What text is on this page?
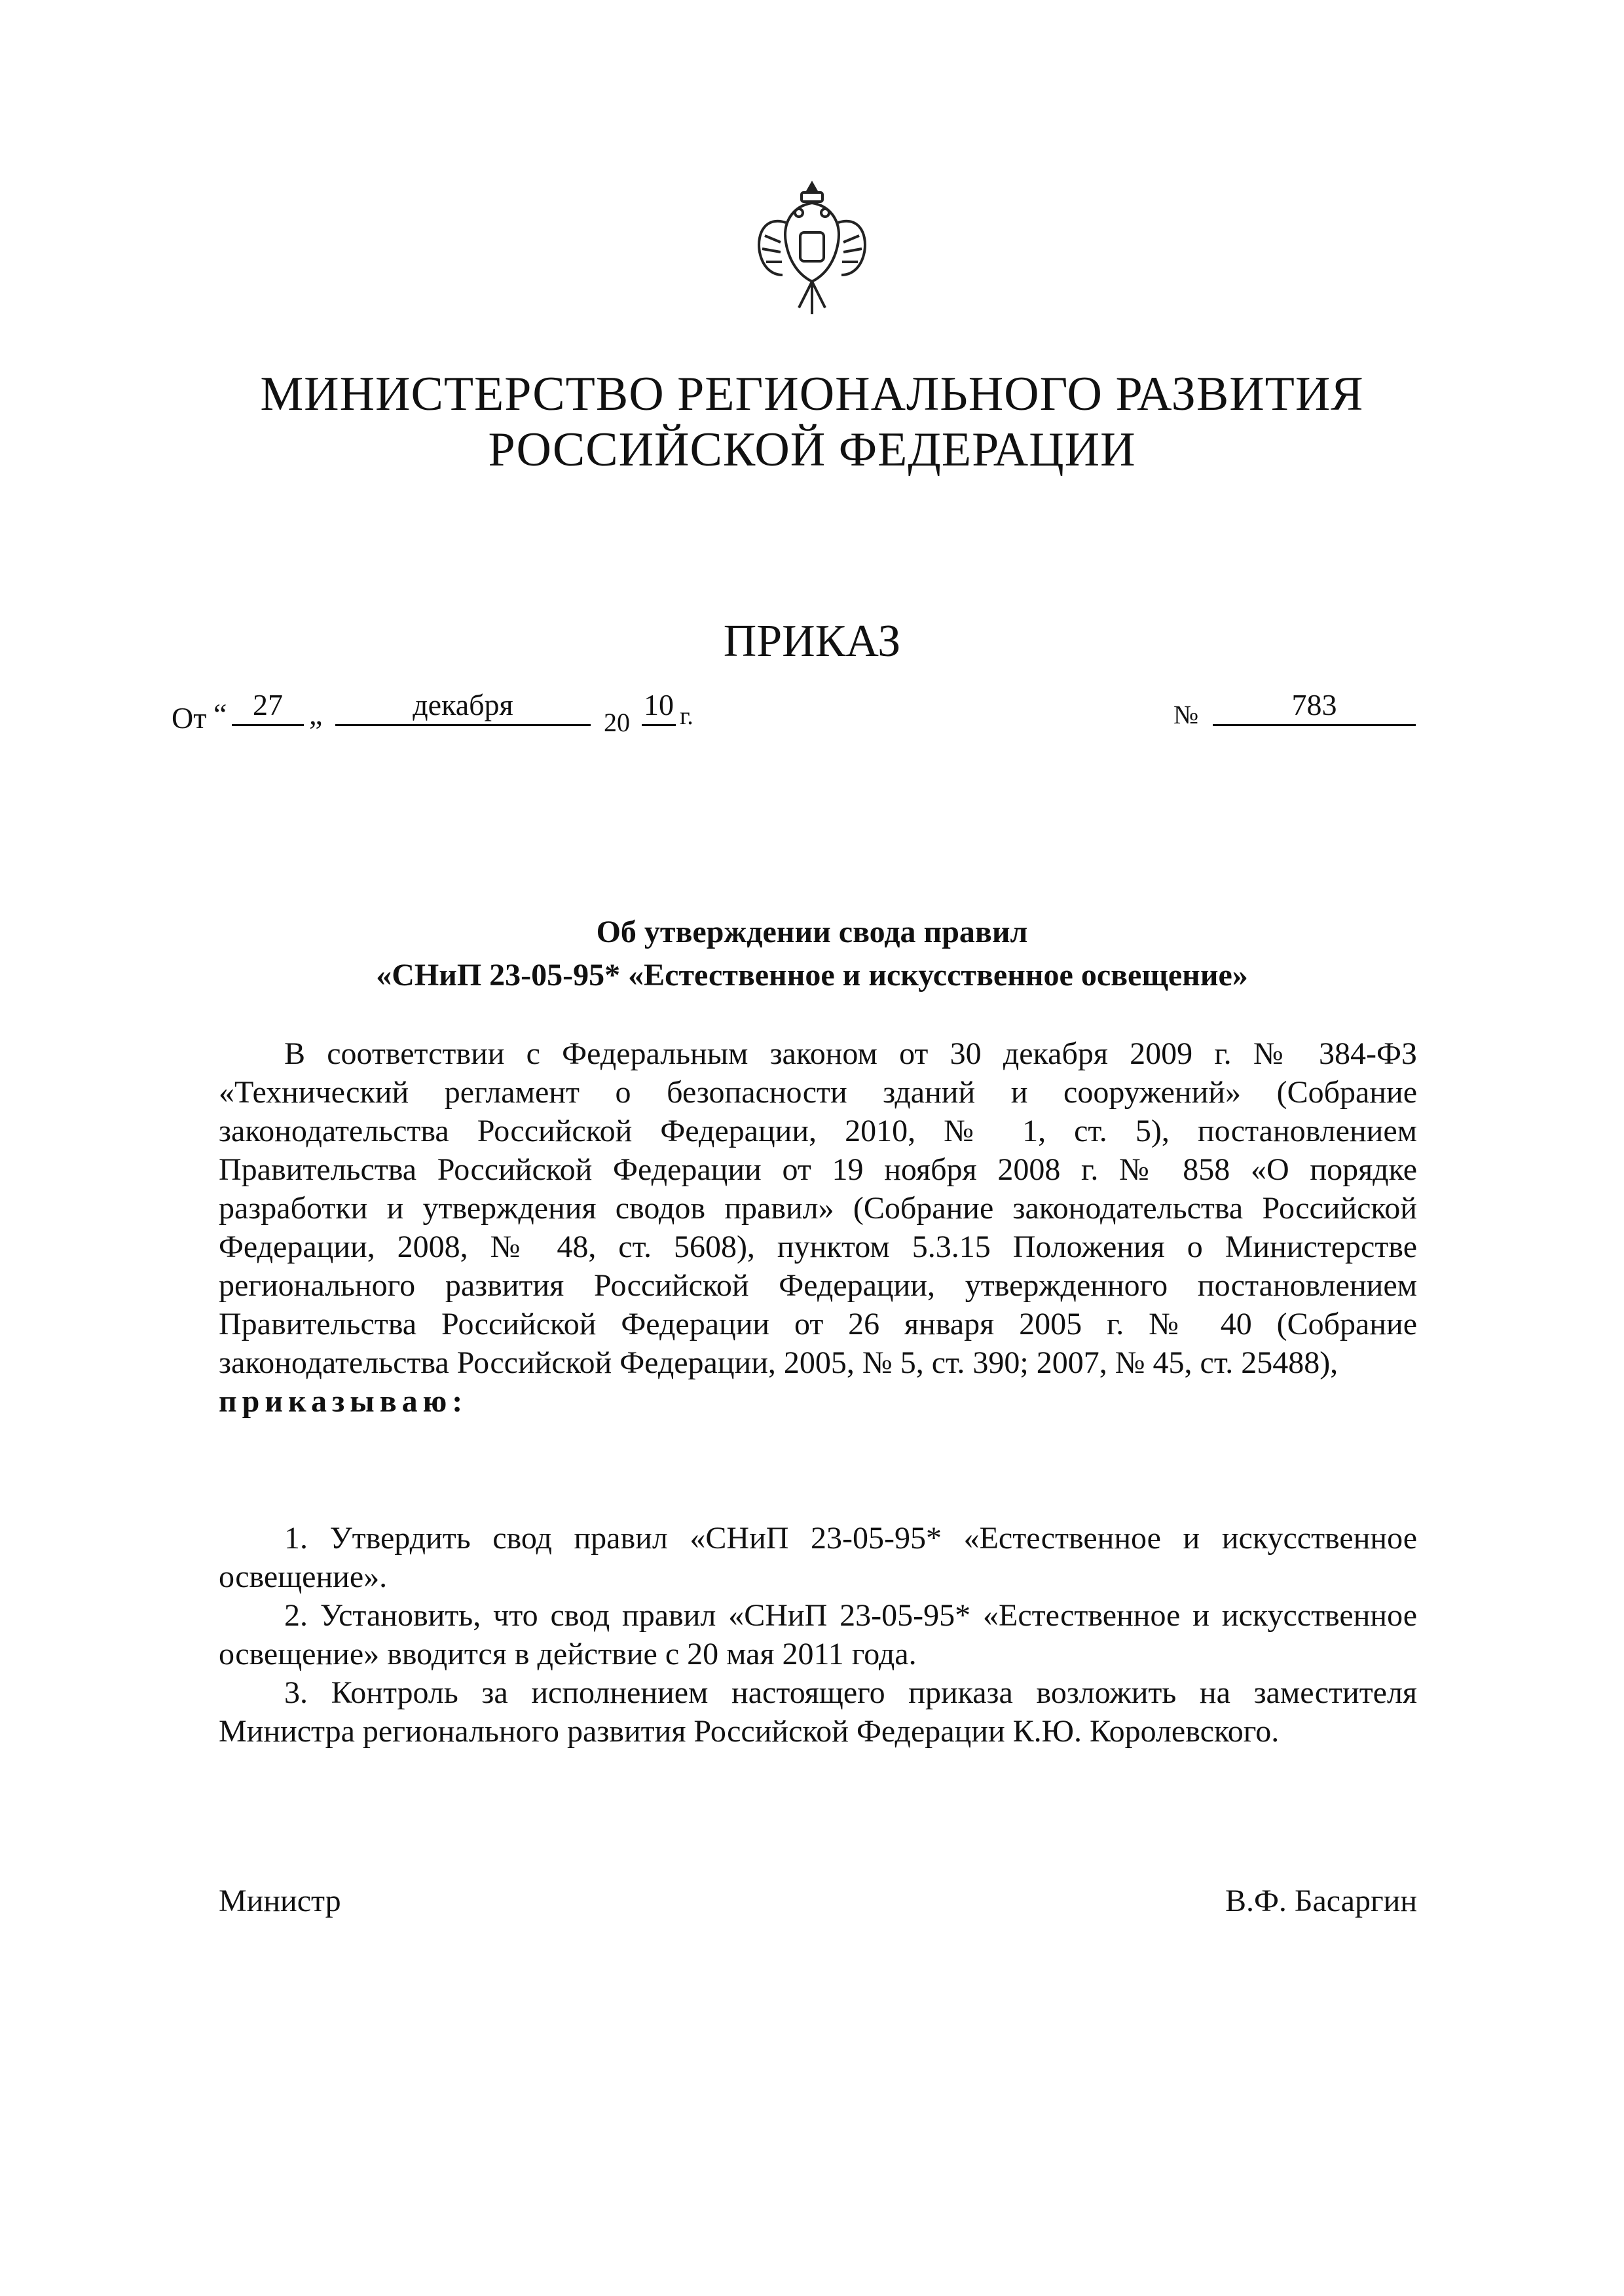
МИНИСТЕРСТВО РЕГИОНАЛЬНОГО РАЗВИТИЯ
РОССИЙСКОЙ ФЕДЕРАЦИИ
ПРИКАЗ
От “ 27 „	декабря
20
10 г.	№	783
Об утверждении свода правил
«СНиП 23-05-95* «Естественное и искусственное освещение»

В соответствии с Федеральным законом от 30 декабря 2009 г. № 384-ФЗ «Технический регламент о безопасности зданий и сооружений» (Собрание законодательства Российской Федерации, 2010, № 1, ст. 5), постановлением Правительства Российской Федерации от 19 ноября 2008 г. № 858 «О порядке разработки и утверждения сводов правил» (Собрание законодательства Российской Федерации, 2008, № 48, ст. 5608), пунктом 5.3.15 Положения о Министерстве регионального развития Российской Федерации, утвержденного постановлением Правительства Российской Федерации от 26 января 2005 г. № 40 (Собрание законодательства Российской Федерации, 2005, № 5, ст. 390; 2007, № 45, ст. 25488),
приказываю:

1. Утвердить свод правил «СНиП 23-05-95* «Естественное и искусственное освещение».

2. Установить, что свод правил «СНиП 23-05-95* «Естественное и искусственное освещение» вводится в действие с 20 мая 2011 года.

3. Контроль за исполнением настоящего приказа возложить на заместителя Министра регионального развития Российской Федерации К.Ю. Королевского.

Министр	В.Ф. Басаргин
